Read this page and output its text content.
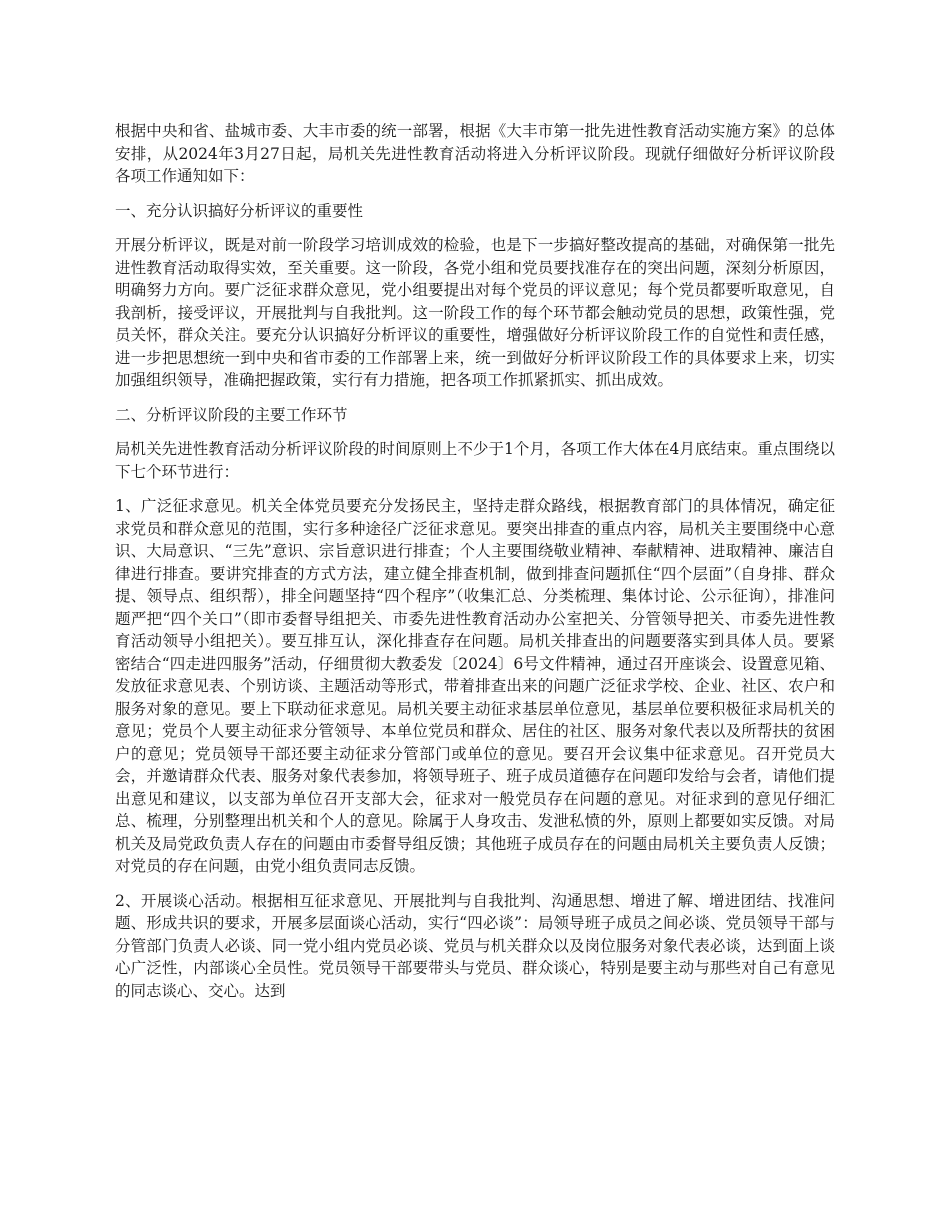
根据中央和省、盐城市委、大丰市委的统一部署，根据《大丰市第一批先进性教育活动实施方案》的总体安排，从2024年3月27日起，局机关先进性教育活动将进入分析评议阶段。现就仔细做好分析评议阶段各项工作通知如下：

一、充分认识搞好分析评议的重要性

开展分析评议，既是对前一阶段学习培训成效的检验，也是下一步搞好整改提高的基础，对确保第一批先进性教育活动取得实效，至关重要。这一阶段，各党小组和党员要找准存在的突出问题，深刻分析原因，明确努力方向。要广泛征求群众意见，党小组要提出对每个党员的评议意见；每个党员都要听取意见，自我剖析，接受评议，开展批判与自我批判。这一阶段工作的每个环节都会触动党员的思想，政策性强，党员关怀，群众关注。要充分认识搞好分析评议的重要性，增强做好分析评议阶段工作的自觉性和责任感，进一步把思想统一到中央和省市委的工作部署上来，统一到做好分析评议阶段工作的具体要求上来，切实加强组织领导，准确把握政策，实行有力措施，把各项工作抓紧抓实、抓出成效。

二、分析评议阶段的主要工作环节

局机关先进性教育活动分析评议阶段的时间原则上不少于1个月，各项工作大体在4月底结束。重点围绕以下七个环节进行：

1、广泛征求意见。机关全体党员要充分发扬民主，坚持走群众路线，根据教育部门的具体情况，确定征求党员和群众意见的范围，实行多种途径广泛征求意见。要突出排查的重点内容，局机关主要围绕中心意识、大局意识、“三先”意识、宗旨意识进行排查；个人主要围绕敬业精神、奉献精神、进取精神、廉洁自律进行排查。要讲究排查的方式方法，建立健全排查机制，做到排查问题抓住“四个层面”（自身排、群众提、领导点、组织帮），排全问题坚持“四个程序”（收集汇总、分类梳理、集体讨论、公示征询），排准问题严把“四个关口”（即市委督导组把关、市委先进性教育活动办公室把关、分管领导把关、市委先进性教育活动领导小组把关）。要互排互认，深化排查存在问题。局机关排查出的问题要落实到具体人员。要紧密结合“四走进四服务”活动，仔细贯彻大教委发〔2024〕6号文件精神，通过召开座谈会、设置意见箱、发放征求意见表、个别访谈、主题活动等形式，带着排查出来的问题广泛征求学校、企业、社区、农户和服务对象的意见。要上下联动征求意见。局机关要主动征求基层单位意见，基层单位要积极征求局机关的意见；党员个人要主动征求分管领导、本单位党员和群众、居住的社区、服务对象代表以及所帮扶的贫困户的意见；党员领导干部还要主动征求分管部门或单位的意见。要召开会议集中征求意见。召开党员大会，并邀请群众代表、服务对象代表参加，将领导班子、班子成员道德存在问题印发给与会者，请他们提出意见和建议，以支部为单位召开支部大会，征求对一般党员存在问题的意见。对征求到的意见仔细汇总、梳理，分别整理出机关和个人的意见。除属于人身攻击、发泄私愤的外，原则上都要如实反馈。对局机关及局党政负责人存在的问题由市委督导组反馈；其他班子成员存在的问题由局机关主要负责人反馈；对党员的存在问题，由党小组负责同志反馈。

2、开展谈心活动。根据相互征求意见、开展批判与自我批判、沟通思想、增进了解、增进团结、找准问题、形成共识的要求，开展多层面谈心活动，实行“四必谈”：局领导班子成员之间必谈、党员领导干部与分管部门负责人必谈、同一党小组内党员必谈、党员与机关群众以及岗位服务对象代表必谈，达到面上谈心广泛性，内部谈心全员性。党员领导干部要带头与党员、群众谈心，特别是要主动与那些对自己有意见的同志谈心、交心。达到
